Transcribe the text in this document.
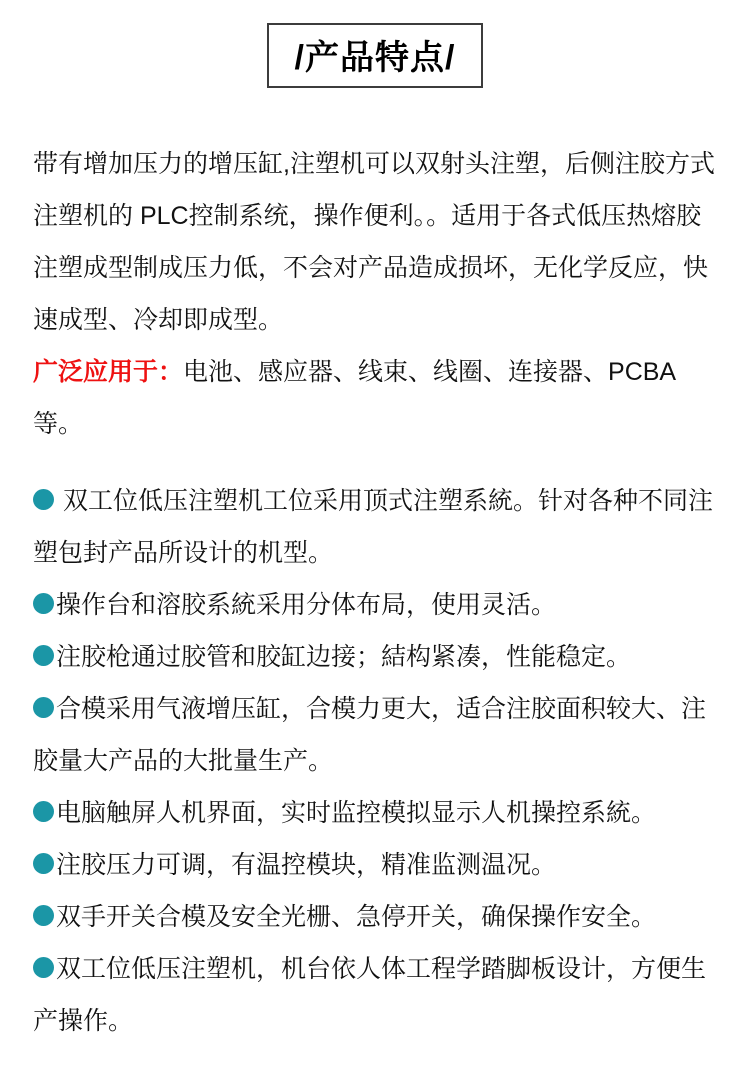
/产品特点/

带有增加压力的增压缸,注塑机可以双射头注塑，后侧注胶方式注塑机的 PLC控制系统，操作便利。。适用于各式低压热熔胶注塑成型制成压力低，不会对产品造成损坏，无化学反应，快速成型、冷却即成型。

广泛应用于：电池、感应器、线束、线圈、连接器、PCBA等。

双工位低压注塑机工位采用顶式注塑系統。针对各种不同注塑包封产品所设计的机型。

操作台和溶胶系統采用分体布局，使用灵活。

注胶枪通过胶管和胶缸边接；結构紧凑，性能稳定。

合模采用气液增压缸，合模力更大，适合注胶面积较大、注胶量大产品的大批量生产。

电脑触屏人机界面，实时监控模拟显示人机操控系統。

注胶压力可调，有温控模块，精准监测温况。

双手开关合模及安全光栅、急停开关，确保操作安全。

双工位低压注塑机，机台依人体工程学踏脚板设计，方便生产操作。
